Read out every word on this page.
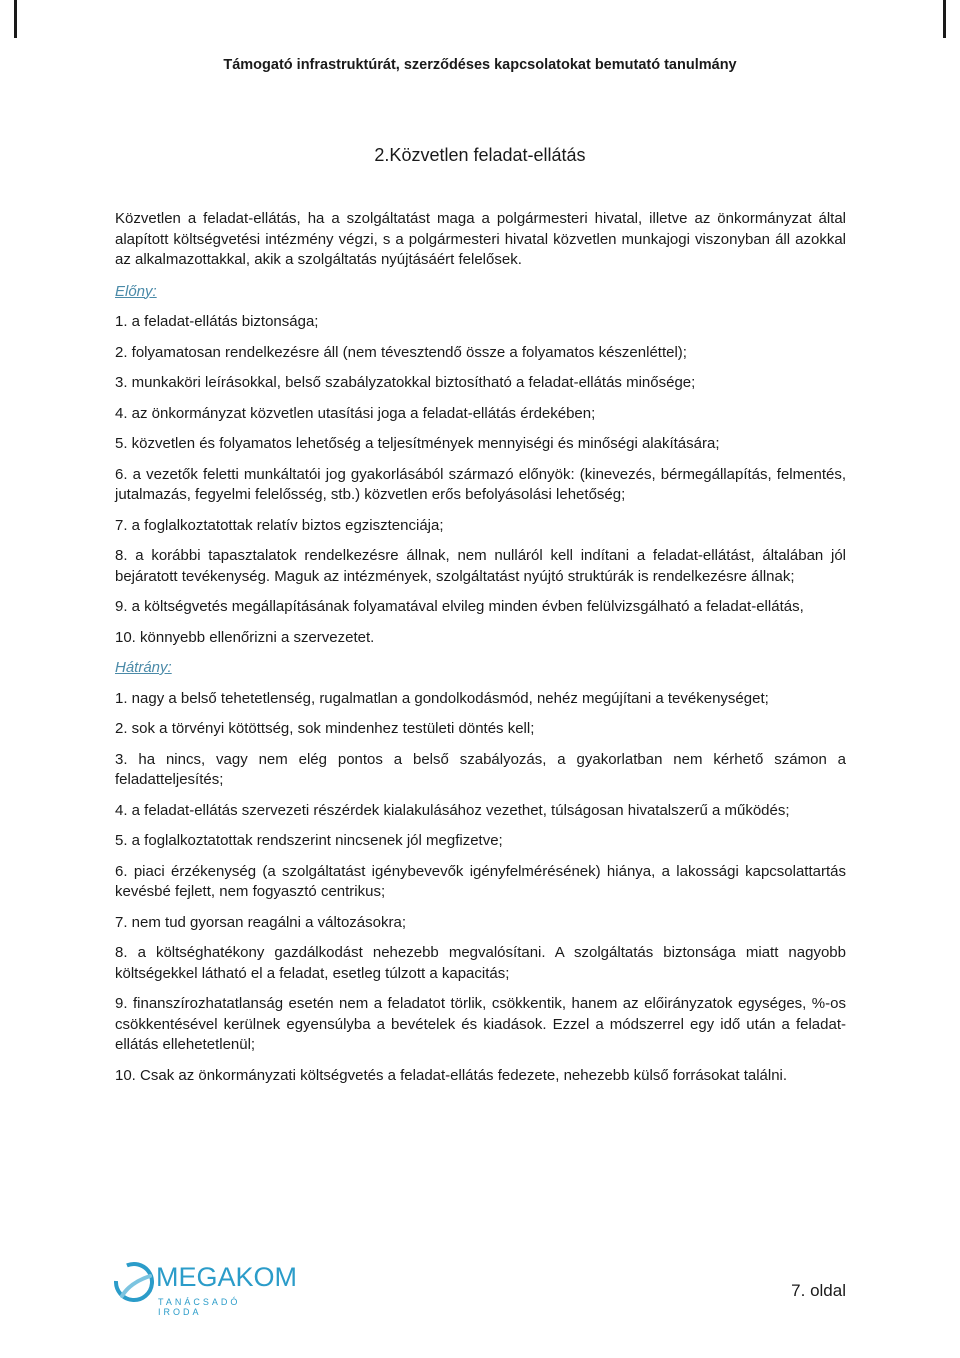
Támogató infrastruktúrát, szerződéses kapcsolatokat bemutató tanulmány
2.Közvetlen feladat-ellátás

Közvetlen a feladat-ellátás, ha a szolgáltatást maga a polgármesteri hivatal, illetve az önkormányzat által alapított költségvetési intézmény végzi, s a polgármesteri hivatal közvetlen munkajogi viszonyban áll azokkal az alkalmazottakkal, akik a szolgáltatás nyújtásáért felelősek.

Előny:

1. a feladat-ellátás biztonsága;

2. folyamatosan rendelkezésre áll (nem tévesztendő össze a folyamatos készenléttel);

3. munkaköri leírásokkal, belső szabályzatokkal biztosítható a feladat-ellátás minősége;

4. az önkormányzat közvetlen utasítási joga a feladat-ellátás érdekében;

5. közvetlen és folyamatos lehetőség a teljesítmények mennyiségi és minőségi alakítására;

6. a vezetők feletti munkáltatói jog gyakorlásából származó előnyök: (kinevezés, bérmegállapítás, felmentés, jutalmazás, fegyelmi felelősség, stb.) közvetlen erős befolyásolási lehetőség;

7. a foglalkoztatottak relatív biztos egzisztenciája;

8. a korábbi tapasztalatok rendelkezésre állnak, nem nulláról kell indítani a feladat-ellátást, általában jól bejáratott tevékenység. Maguk az intézmények, szolgáltatást nyújtó struktúrák is rendelkezésre állnak;

9. a költségvetés megállapításának folyamatával elvileg minden évben felülvizsgálható a feladat-ellátás,

10. könnyebb ellenőrizni a szervezetet.

Hátrány:

1. nagy a belső tehetetlenség, rugalmatlan a gondolkodásmód, nehéz megújítani a tevékenységet;

2. sok a törvényi kötöttség, sok mindenhez testületi döntés kell;

3. ha nincs, vagy nem elég pontos a belső szabályozás, a gyakorlatban nem kérhető számon a feladatteljesítés;

4. a feladat-ellátás szervezeti részérdek kialakulásához vezethet, túlságosan hivatalszerű a működés;

5. a foglalkoztatottak rendszerint nincsenek jól megfizetve;

6. piaci érzékenység (a szolgáltatást igénybevevők igényfelmérésének) hiánya, a lakossági kapcsolattartás kevésbé fejlett, nem fogyasztó centrikus;

7. nem tud gyorsan reagálni a változásokra;

8. a költséghatékony gazdálkodást nehezebb megvalósítani. A szolgáltatás biztonsága miatt nagyobb költségekkel látható el a feladat, esetleg túlzott a kapacitás;

9. finanszírozhatatlanság esetén nem a feladatot törlik, csökkentik, hanem az előirányzatok egységes, %-os csökkentésével kerülnek egyensúlyba a bevételek és kiadások. Ezzel a módszerrel egy idő után a feladat-ellátás ellehetetlenül;

10. Csak az önkormányzati költségvetés a feladat-ellátás fedezete, nehezebb külső forrásokat találni.

MEGAKOM
TANÁCSADÓ IRODA
7. oldal
